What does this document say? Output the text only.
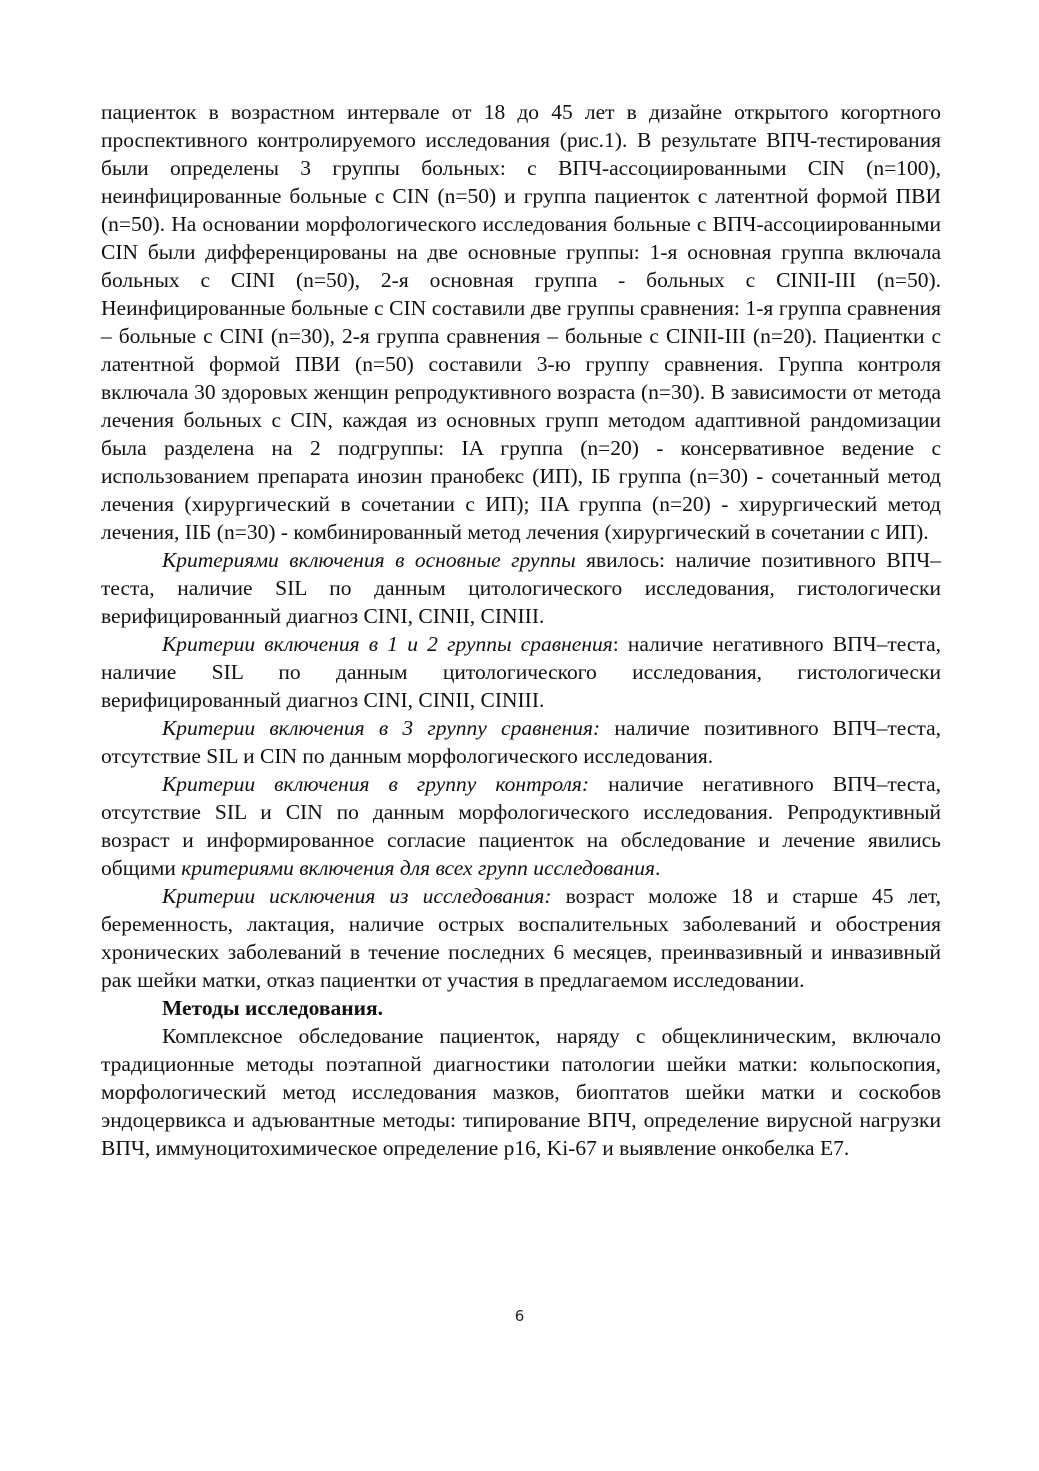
пациенток в возрастном интервале от 18 до 45 лет в дизайне открытого когортного проспективного контролируемого исследования (рис.1). В результате ВПЧ-тестирования были определены 3 группы больных: с ВПЧ-ассоциированными CIN (n=100), неинфицированные больные с CIN (n=50) и группа пациенток с латентной формой ПВИ (n=50). На основании морфологического исследования больные с ВПЧ-ассоциированными CIN были дифференцированы на две основные группы: 1-я основная группа включала больных с CINI (n=50), 2-я основная группа - больных с CINII-III (n=50). Неинфицированные больные с CIN составили две группы сравнения: 1-я группа сравнения – больные с CINI (n=30), 2-я группа сравнения – больные с CINII-III (n=20). Пациентки с латентной формой ПВИ (n=50) составили 3-ю группу сравнения. Группа контроля включала 30 здоровых женщин репродуктивного возраста (n=30). В зависимости от метода лечения больных с CIN, каждая из основных групп методом адаптивной рандомизации была разделена на 2 подгруппы: IA группа (n=20) - консервативное ведение с использованием препарата инозин пранобекс (ИП), IБ группа (n=30) - сочетанный метод лечения (хирургический в сочетании с ИП); IIA группа (n=20) - хирургический метод лечения, IIБ (n=30) - комбинированный метод лечения (хирургический в сочетании с ИП).

Критериями включения в основные группы явилось: наличие позитивного ВПЧ–теста, наличие SIL по данным цитологического исследования, гистологически верифицированный диагноз CINI, CINII, CINIII.

Критерии включения в 1 и 2 группы сравнения: наличие негативного ВПЧ–теста, наличие SIL по данным цитологического исследования, гистологически верифицированный диагноз CINI, CINII, CINIII.

Критерии включения в 3 группу сравнения: наличие позитивного ВПЧ–теста, отсутствие SIL и CIN по данным морфологического исследования.

Критерии включения в группу контроля: наличие негативного ВПЧ–теста, отсутствие SIL и CIN по данным морфологического исследования. Репродуктивный возраст и информированное согласие пациенток на обследование и лечение явились общими критериями включения для всех групп исследования.

Критерии исключения из исследования: возраст моложе 18 и старше 45 лет, беременность, лактация, наличие острых воспалительных заболеваний и обострения хронических заболеваний в течение последних 6 месяцев, преинвазивный и инвазивный рак шейки матки, отказ пациентки от участия в предлагаемом исследовании.

Методы исследования.

Комплексное обследование пациенток, наряду с общеклиническим, включало традиционные методы поэтапной диагностики патологии шейки матки: кольпоскопия, морфологический метод исследования мазков, биоптатов шейки матки и соскобов эндоцервикса и адъювантные методы: типирование ВПЧ, определение вирусной нагрузки ВПЧ, иммуноцитохимическое определение p16, Ki-67 и выявление онкобелка E7.

6
